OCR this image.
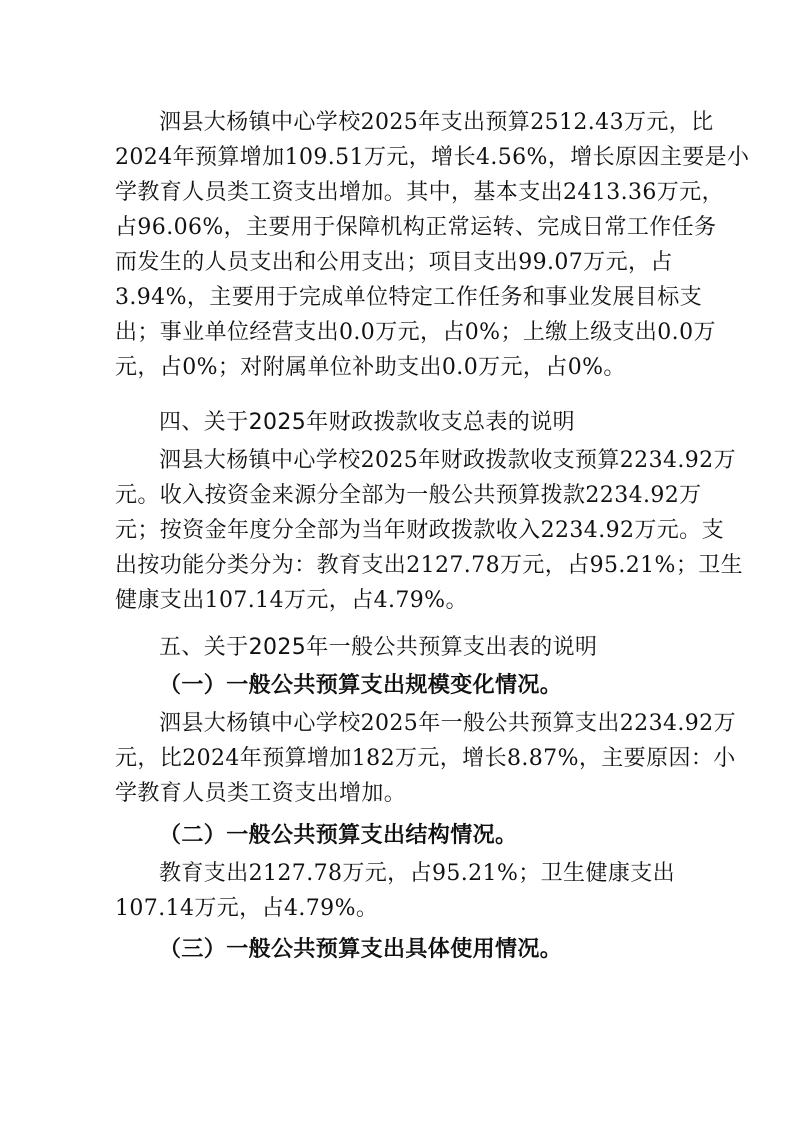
泗县大杨镇中心学校2025年支出预算2512.43万元，比
2024年预算增加109.51万元，增长4.56%，增长原因主要是小
学教育人员类工资支出增加。其中，基本支出2413.36万元，
占96.06%，主要用于保障机构正常运转、完成日常工作任务
而发生的人员支出和公用支出；项目支出99.07万元，占
3.94%，主要用于完成单位特定工作任务和事业发展目标支
出；事业单位经营支出0.0万元，占0%；上缴上级支出0.0万
元，占0%；对附属单位补助支出0.0万元，占0%。
四、关于2025年财政拨款收支总表的说明
泗县大杨镇中心学校2025年财政拨款收支预算2234.92万
元。收入按资金来源分全部为一般公共预算拨款2234.92万
元；按资金年度分全部为当年财政拨款收入2234.92万元。支
出按功能分类分为：教育支出2127.78万元，占95.21%；卫生
健康支出107.14万元，占4.79%。
五、关于2025年一般公共预算支出表的说明
（一）一般公共预算支出规模变化情况。
泗县大杨镇中心学校2025年一般公共预算支出2234.92万
元，比2024年预算增加182万元，增长8.87%，主要原因：小
学教育人员类工资支出增加。
（二）一般公共预算支出结构情况。
教育支出2127.78万元，占95.21%；卫生健康支出
107.14万元，占4.79%。
（三）一般公共预算支出具体使用情况。
